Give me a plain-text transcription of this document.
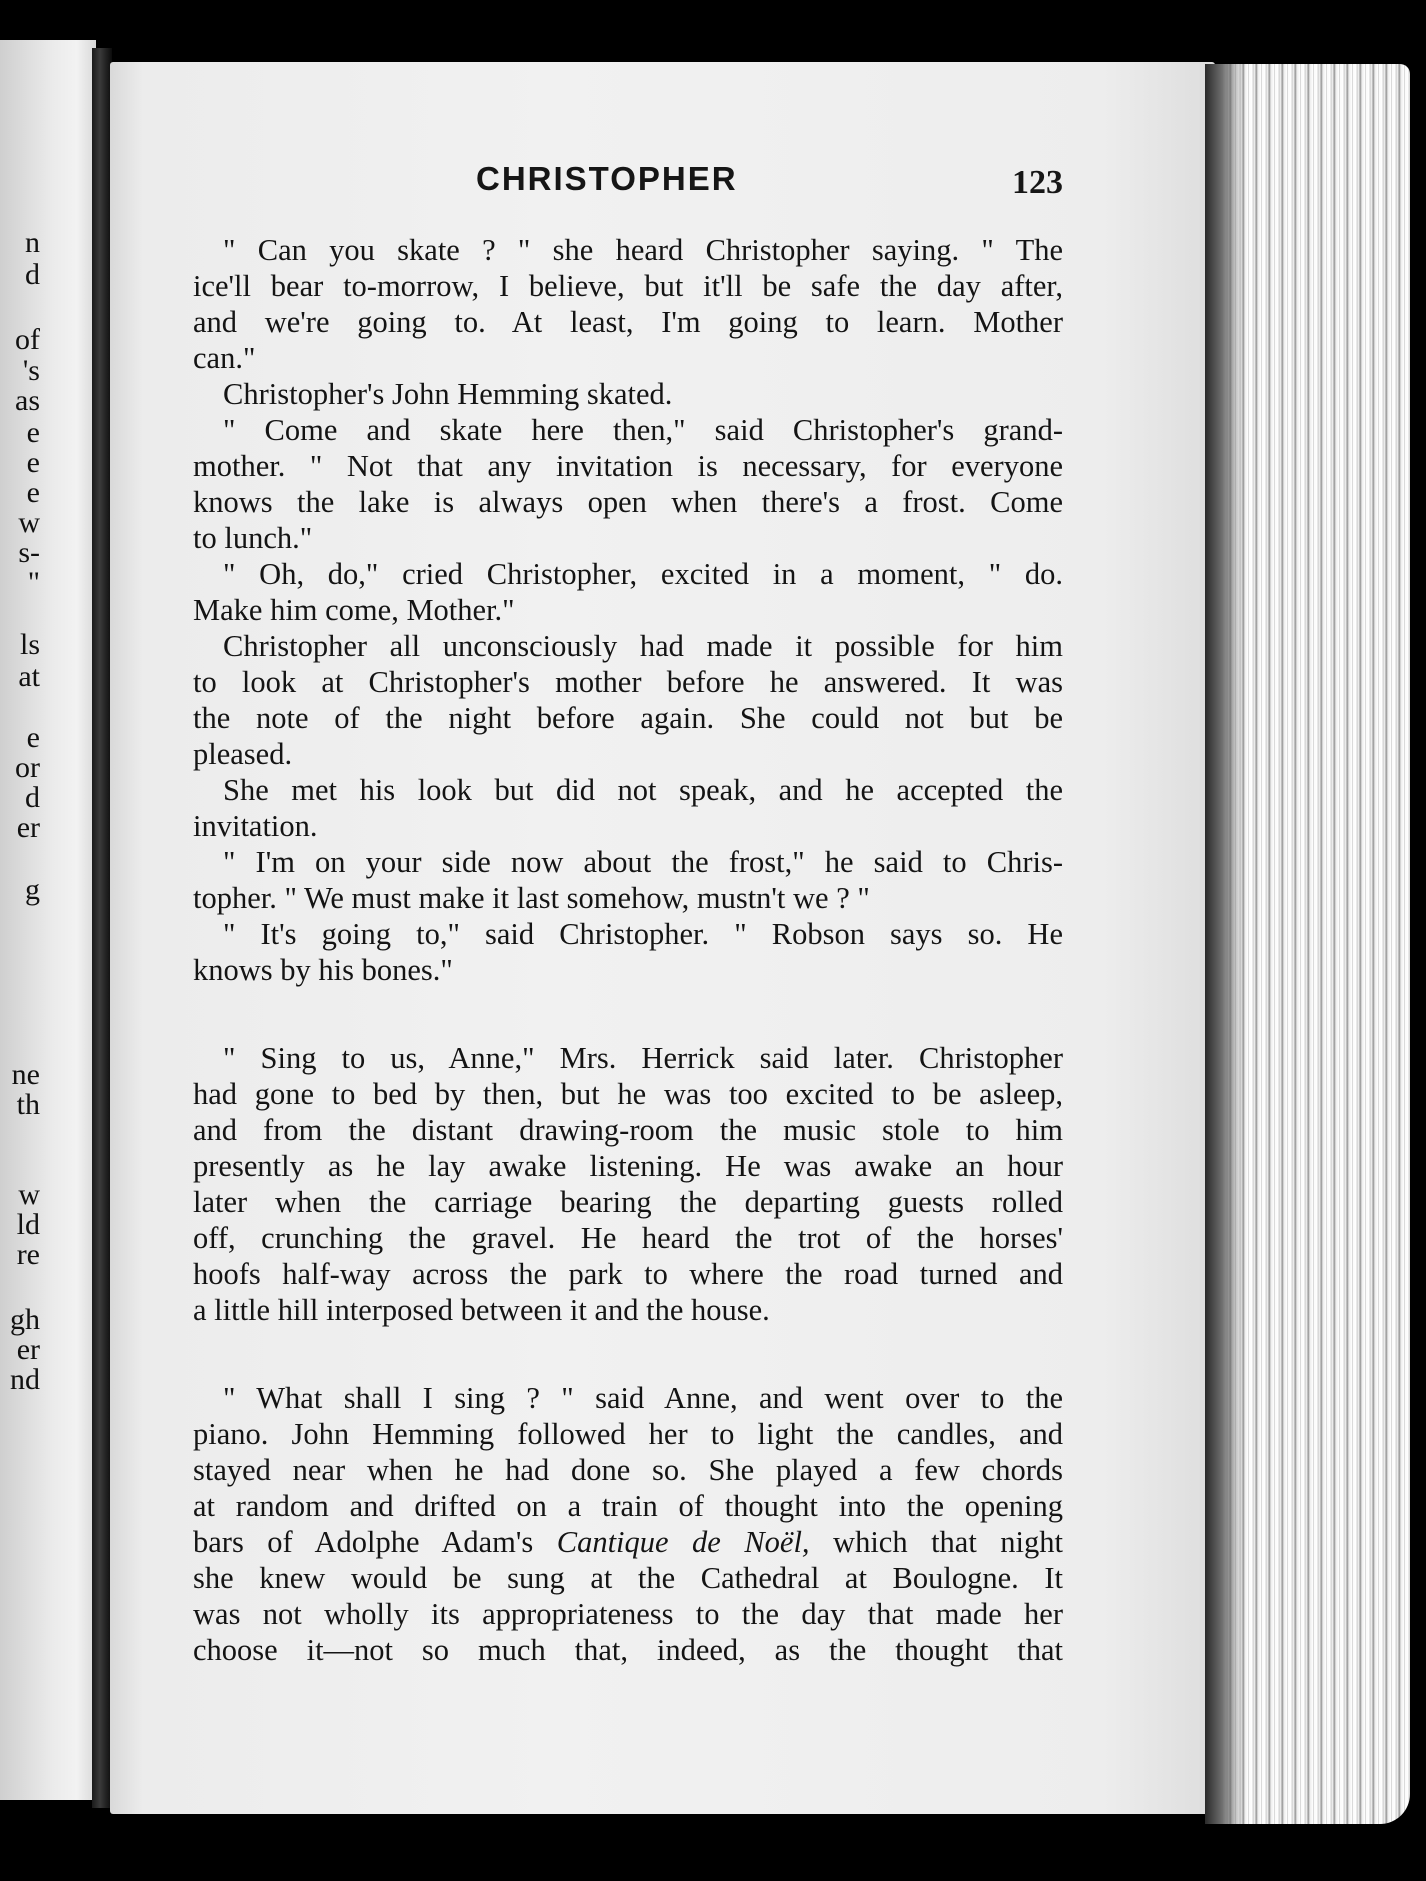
n
d
of
's
as
e
e
e
w
s-
"
ls
at
e
or
d
er
g
ne
th
w
ld
re
gh
er
nd
CHRISTOPHER	123
" Can you skate ? " she heard Christopher saying. " The
ice'll bear to-morrow, I believe, but it'll be safe the day after,
and we're going to. At least, I'm going to learn. Mother
can."
Christopher's John Hemming skated.
" Come and skate here then," said Christopher's grand-
mother. " Not that any invitation is necessary, for everyone
knows the lake is always open when there's a frost. Come
to lunch."
" Oh, do," cried Christopher, excited in a moment, " do.
Make him come, Mother."
Christopher all unconsciously had made it possible for him
to look at Christopher's mother before he answered. It was
the note of the night before again. She could not but be
pleased.
She met his look but did not speak, and he accepted the
invitation.
" I'm on your side now about the frost," he said to Chris-
topher. " We must make it last somehow, mustn't we ? "
" It's going to," said Christopher. " Robson says so. He
knows by his bones."
" Sing to us, Anne," Mrs. Herrick said later. Christopher
had gone to bed by then, but he was too excited to be asleep,
and from the distant drawing-room the music stole to him
presently as he lay awake listening. He was awake an hour
later when the carriage bearing the departing guests rolled
off, crunching the gravel. He heard the trot of the horses'
hoofs half-way across the park to where the road turned and
a little hill interposed between it and the house.
" What shall I sing ? " said Anne, and went over to the
piano. John Hemming followed her to light the candles, and
stayed near when he had done so. She played a few chords
at random and drifted on a train of thought into the opening
bars of Adolphe Adam's Cantique de Noël, which that night
she knew would be sung at the Cathedral at Boulogne. It
was not wholly its appropriateness to the day that made her
choose it—not so much that, indeed, as the thought that
